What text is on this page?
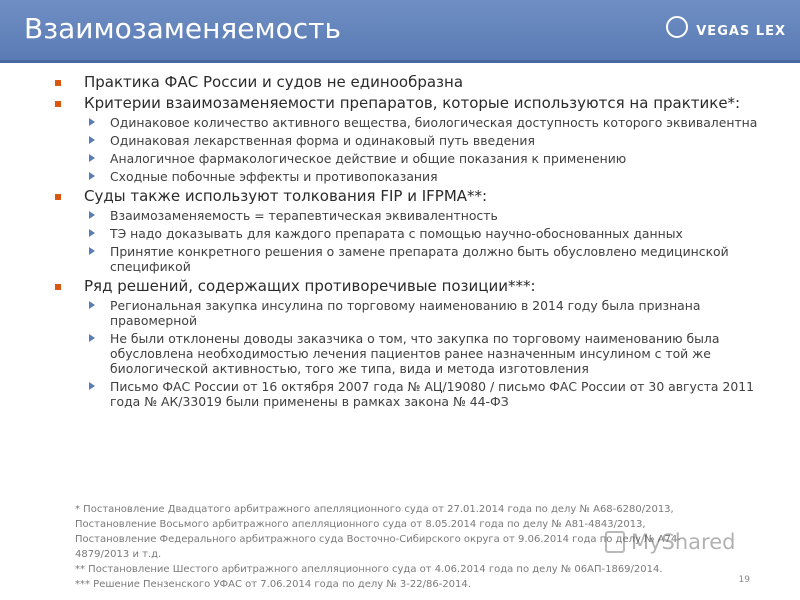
Взаимозаменяемость	VEGAS LEX
Практика ФАС России и судов не единообразна
Критерии взаимозаменяемости препаратов, которые используются на практике*:
Одинаковое количество активного вещества, биологическая доступность которого эквивалентна
Одинаковая лекарственная форма и одинаковый путь введения
Аналогичное фармакологическое действие и общие показания к применению
Сходные побочные эффекты и противопоказания
Суды также используют толкования FIP и IFPMA**:
Взаимозаменяемость = терапевтическая эквивалентность
ТЭ надо доказывать для каждого препарата с помощью научно-обоснованных данных
Принятие конкретного решения о замене препарата должно быть обусловлено медицинской спецификой
Ряд решений, содержащих противоречивые позиции***:
Региональная закупка инсулина по торговому наименованию в 2014 году была признана правомерной
Не были отклонены доводы заказчика о том, что закупка по торговому наименованию была обусловлена необходимостью лечения пациентов ранее назначенным инсулином с той же биологической активностью, того же типа, вида и метода изготовления
Письмо ФАС России от 16 октября 2007 года № АЦ/19080 / письмо ФАС России от 30 августа 2011 года № АК/33019 были применены в рамках закона № 44-ФЗ
* Постановление Двадцатого арбитражного апелляционного суда от 27.01.2014 года по делу № А68-6280/2013,
Постановление Восьмого арбитражного апелляционного суда от 8.05.2014 года по делу № А81-4843/2013,
Постановление Федерального арбитражного суда Восточно-Сибирского округа от 9.06.2014 года по делу № А74-
4879/2013 и т.д.
** Постановление Шестого арбитражного апелляционного суда от 4.06.2014 года по делу № 06АП-1869/2014.
*** Решение Пензенского УФАС от 7.06.2014 года по делу № 3-22/86-2014.
MyShared
19
